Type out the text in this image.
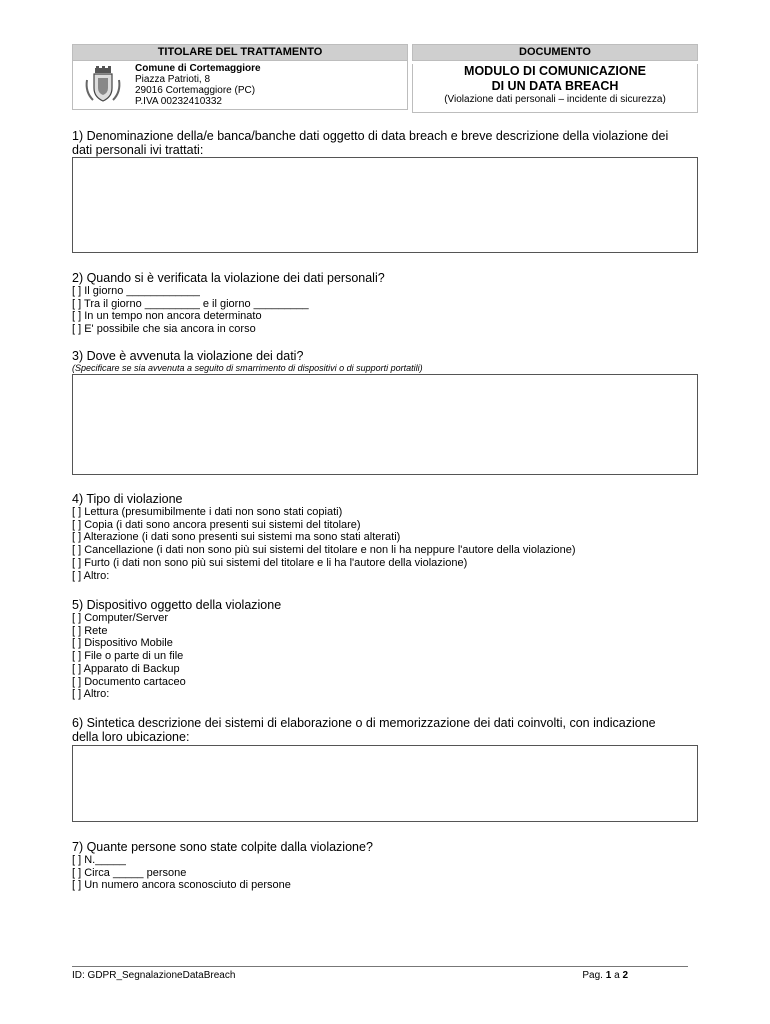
TITOLARE DEL TRATTAMENTO
Comune di Cortemaggiore
Piazza Patrioti, 8
29016 Cortemaggiore (PC)
P.IVA 00232410332
DOCUMENTO
MODULO DI COMUNICAZIONE
DI UN DATA BREACH
(Violazione dati personali – incidente di sicurezza)
1) Denominazione della/e banca/banche dati oggetto di data breach e breve descrizione della violazione dei
dati personali ivi trattati:
2) Quando si è verificata la violazione dei dati personali?
[ ] Il giorno ____________
[ ] Tra il giorno _________ e il giorno _________
[ ] In un tempo non ancora determinato
[ ] E' possibile che sia ancora in corso
3) Dove è avvenuta la violazione dei dati?
(Specificare se sia avvenuta a seguito di smarrimento di dispositivi o di supporti portatili)
4) Tipo di violazione
[ ] Lettura (presumibilmente i dati non sono stati copiati)
[ ] Copia (i dati sono ancora presenti sui sistemi del titolare)
[ ] Alterazione (i dati sono presenti sui sistemi ma sono stati alterati)
[ ] Cancellazione (i dati non sono più sui sistemi del titolare e non li ha neppure l'autore della violazione)
[ ] Furto (i dati non sono più sui sistemi del titolare e li ha l'autore della violazione)
[ ] Altro:
5) Dispositivo oggetto della violazione
[ ] Computer/Server
[ ] Rete
[ ] Dispositivo Mobile
[ ] File o parte di un file
[ ] Apparato di Backup
[ ] Documento cartaceo
[ ] Altro:
6) Sintetica descrizione dei sistemi di elaborazione o di memorizzazione dei dati coinvolti, con indicazione
della loro ubicazione:
7) Quante persone sono state colpite dalla violazione?
[ ] N._____
[ ] Circa _____ persone
[ ] Un numero ancora sconosciuto di persone
ID: GDPR_SegnalazioneDataBreach	Pag. 1 a 2
